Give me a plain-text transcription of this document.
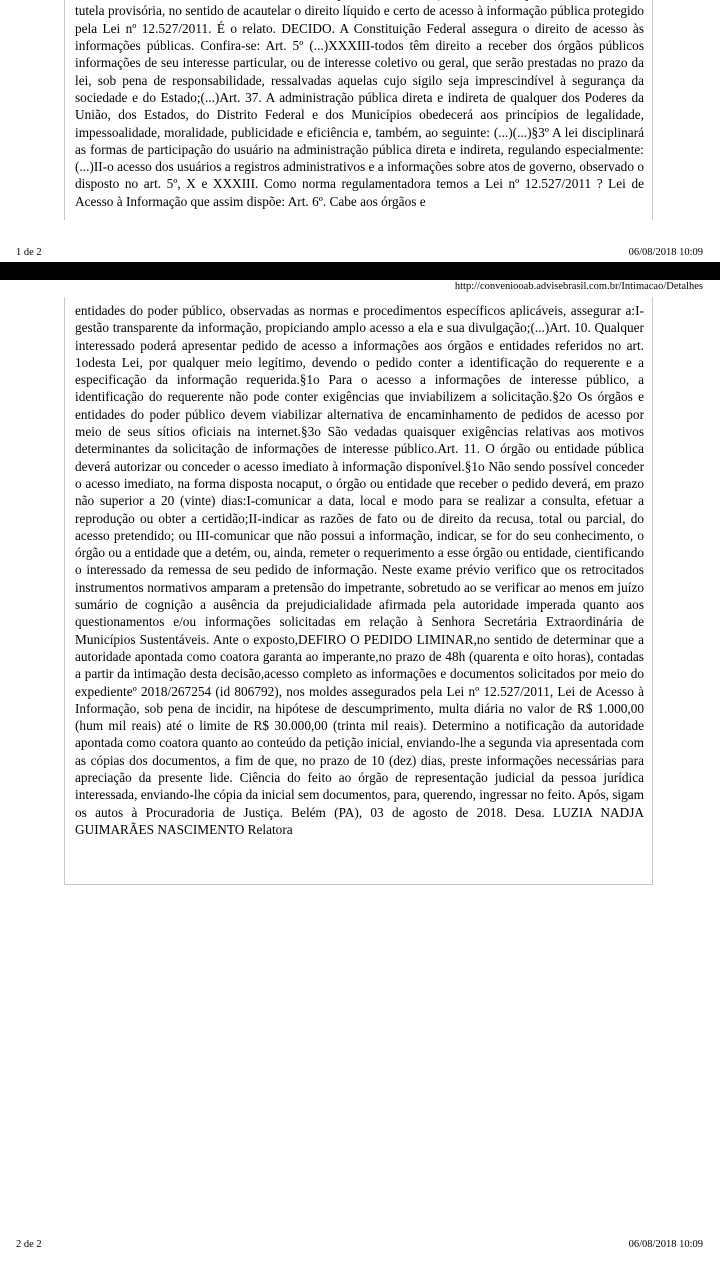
tutela provisória, no sentido de acautelar o direito líquido e certo de acesso à informação pública protegido pela Lei nº 12.527/2011. É o relato. DECIDO. A Constituição Federal assegura o direito de acesso às informações públicas. Confira-se: Art. 5º (...)XXXIII-todos têm direito a receber dos órgãos públicos informações de seu interesse particular, ou de interesse coletivo ou geral, que serão prestadas no prazo da lei, sob pena de responsabilidade, ressalvadas aquelas cujo sigilo seja imprescindível à segurança da sociedade e do Estado;(...)Art. 37. A administração pública direta e indireta de qualquer dos Poderes da União, dos Estados, do Distrito Federal e dos Municípios obedecerá aos princípios de legalidade, impessoalidade, moralidade, publicidade e eficiência e, também, ao seguinte: (...)(...)§3º A lei disciplinará as formas de participação do usuário na administração pública direta e indireta, regulando especialmente: (...)II-o acesso dos usuários a registros administrativos e a informações sobre atos de governo, observado o disposto no art. 5º, X e XXXIII. Como norma regulamentadora temos a Lei nº 12.527/2011 ? Lei de Acesso à Informação que assim dispõe: Art. 6º. Cabe aos órgãos e

1 de 2	06/08/2018 10:09
http://conveniooab.advisebrasil.com.br/Intimacao/Detalhes

entidades do poder público, observadas as normas e procedimentos específicos aplicáveis, assegurar a:I-gestão transparente da informação, propiciando amplo acesso a ela e sua divulgação;(...)Art. 10. Qualquer interessado poderá apresentar pedido de acesso a informações aos órgãos e entidades referidos no art. 1odesta Lei, por qualquer meio legítimo, devendo o pedido conter a identificação do requerente e a especificação da informação requerida.§1o Para o acesso a informações de interesse público, a identificação do requerente não pode conter exigências que inviabilizem a solicitação.§2o Os órgãos e entidades do poder público devem viabilizar alternativa de encaminhamento de pedidos de acesso por meio de seus sítios oficiais na internet.§3o São vedadas quaisquer exigências relativas aos motivos determinantes da solicitação de informações de interesse público.Art. 11. O órgão ou entidade pública deverá autorizar ou conceder o acesso imediato à informação disponível.§1o Não sendo possível conceder o acesso imediato, na forma disposta nocaput, o órgão ou entidade que receber o pedido deverá, em prazo não superior a 20 (vinte) dias:I-comunicar a data, local e modo para se realizar a consulta, efetuar a reprodução ou obter a certidão;II-indicar as razões de fato ou de direito da recusa, total ou parcial, do acesso pretendido; ou III-comunicar que não possui a informação, indicar, se for do seu conhecimento, o órgão ou a entidade que a detém, ou, ainda, remeter o requerimento a esse órgão ou entidade, cientificando o interessado da remessa de seu pedido de informação. Neste exame prévio verifico que os retrocitados instrumentos normativos amparam a pretensão do impetrante, sobretudo ao se verificar ao menos em juízo sumário de cognição a ausência da prejudicialidade afirmada pela autoridade imperada quanto aos questionamentos e/ou informações solicitadas em relação à Senhora Secretária Extraordinária de Municípios Sustentáveis. Ante o exposto,DEFIRO O PEDIDO LIMINAR,no sentido de determinar que a autoridade apontada como coatora garanta ao imperante,no prazo de 48h (quarenta e oito horas), contadas a partir da intimação desta decisão,acesso completo as informações e documentos solicitados por meio do expedienteº 2018/267254 (id 806792), nos moldes assegurados pela Lei nº 12.527/2011, Lei de Acesso à Informação, sob pena de incidir, na hipótese de descumprimento, multa diária no valor de R$ 1.000,00 (hum mil reais) até o limite de R$ 30.000,00 (trinta mil reais). Determino a notificação da autoridade apontada como coatora quanto ao conteúdo da petição inicial, enviando-lhe a segunda via apresentada com as cópias dos documentos, a fim de que, no prazo de 10 (dez) dias, preste informações necessárias para apreciação da presente lide. Ciência do feito ao órgão de representação judicial da pessoa jurídica interessada, enviando-lhe cópia da inicial sem documentos, para, querendo, ingressar no feito. Após, sigam os autos à Procuradoria de Justiça. Belém (PA), 03 de agosto de 2018. Desa. LUZIA NADJA GUIMARÃES NASCIMENTO Relatora

2 de 2	06/08/2018 10:09
